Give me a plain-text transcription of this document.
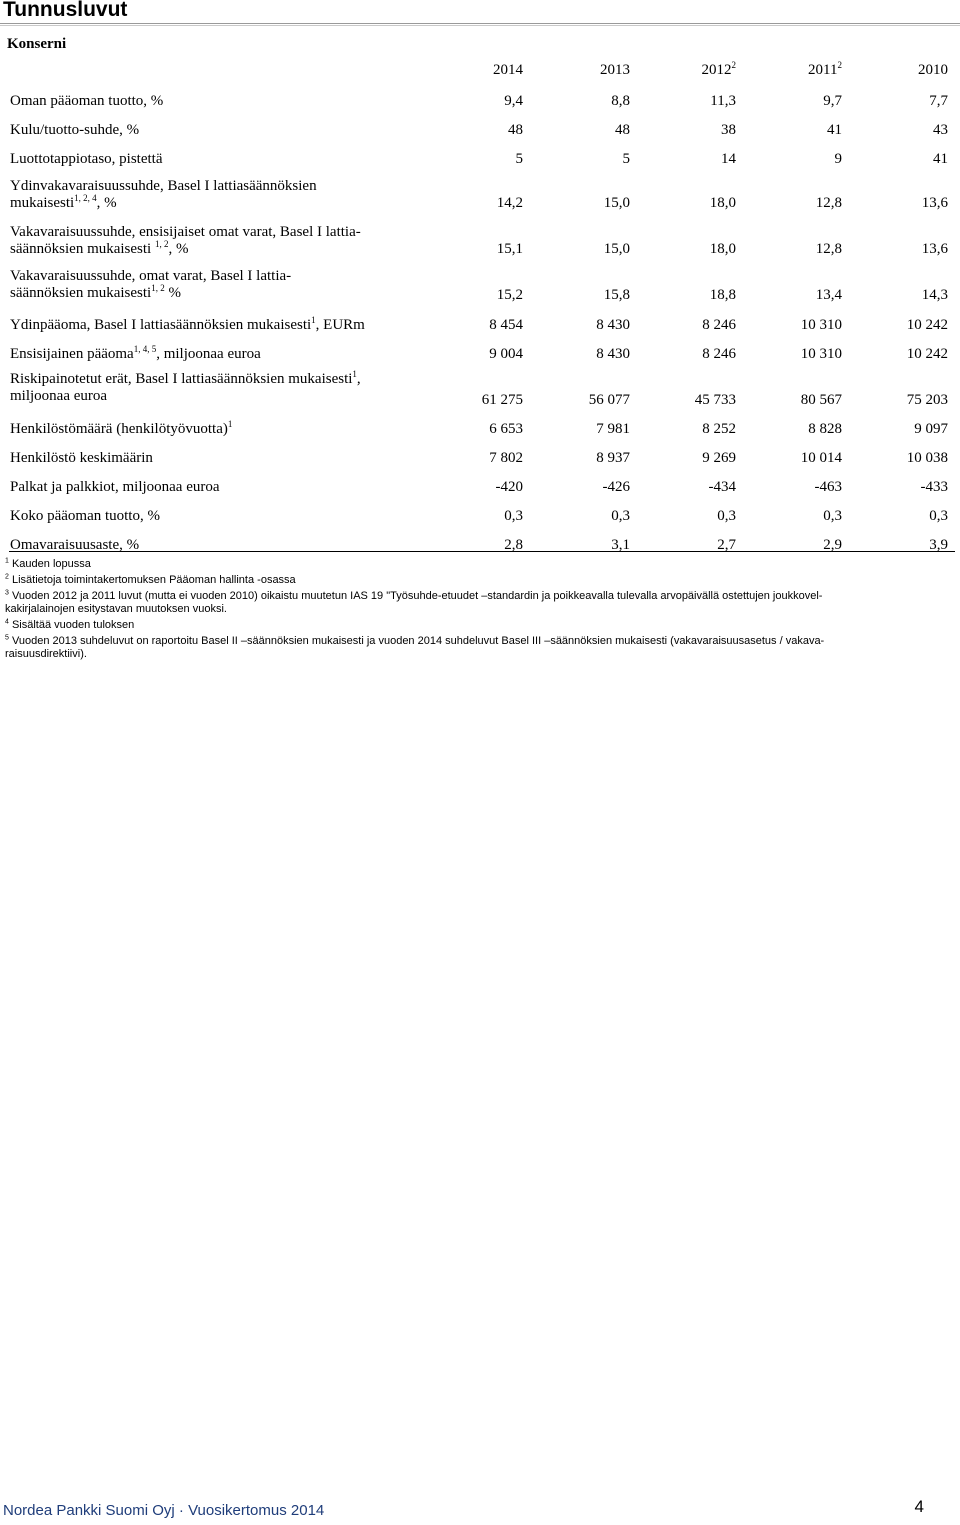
Tunnusluvut
Konserni
2014	2013	2012$^2$	2011$^2$	2010
Oman pääoman tuotto, %	9,4	8,8	11,3	9,7	7,7
Kulu/tuotto-suhde, %	48	48	38	41	43
Luottotappiotaso, pistettä	5	5	14	9	41
Ydinvakavaraisuussuhde, Basel I lattiasäännöksien
mukaisesti$^{1, 2, 4}$, %	14,2	15,0	18,0	12,8	13,6
Vakavaraisuussuhde, ensisijaiset omat varat, Basel I lattia-
säännöksien mukaisesti $^{1, 2}$, %	15,1	15,0	18,0	12,8	13,6
Vakavaraisuussuhde, omat varat, Basel I lattia-
säännöksien mukaisesti$^{1, 2}$ %	15,2	15,8	18,8	13,4	14,3
Ydinpääoma, Basel I lattiasäännöksien mukaisesti$^1$, EURm	8 454	8 430	8 246	10 310	10 242
Ensisijainen pääoma$^{1, 4, 5}$, miljoonaa euroa	9 004	8 430	8 246	10 310	10 242
Riskipainotetut erät, Basel I lattiasäännöksien mukaisesti$^1$,
miljoonaa euroa	61 275	56 077	45 733	80 567	75 203
Henkilöstömäärä (henkilötyövuotta)$^1$	6 653	7 981	8 252	8 828	9 097
Henkilöstö keskimäärin	7 802	8 937	9 269	10 014	10 038
Palkat ja palkkiot, miljoonaa euroa	-420	-426	-434	-463	-433
Koko pääoman tuotto, %	0,3	0,3	0,3	0,3	0,3
Omavaraisuusaste, %	2,8	3,1	2,7	2,9	3,9
$^1$ Kauden lopussa
$^2$ Lisätietoja toimintakertomuksen Pääoman hallinta -osassa
$^3$ Vuoden 2012 ja 2011 luvut (mutta ei vuoden 2010) oikaistu muutetun IAS 19 "Työsuhde-etuudet –standardin ja poikkeavalla tulevalla arvopäivällä ostettujen joukkovel-
kakirjalainojen esitystavan muutoksen vuoksi.
$^4$ Sisältää vuoden tuloksen
$^5$ Vuoden 2013 suhdeluvut on raportoitu Basel II –säännöksien mukaisesti ja vuoden 2014 suhdeluvut Basel III –säännöksien mukaisesti (vakavaraisuusasetus / vakava-
raisuusdirektiivi).
Nordea Pankki Suomi Oyj · Vuosikertomus 2014	4
